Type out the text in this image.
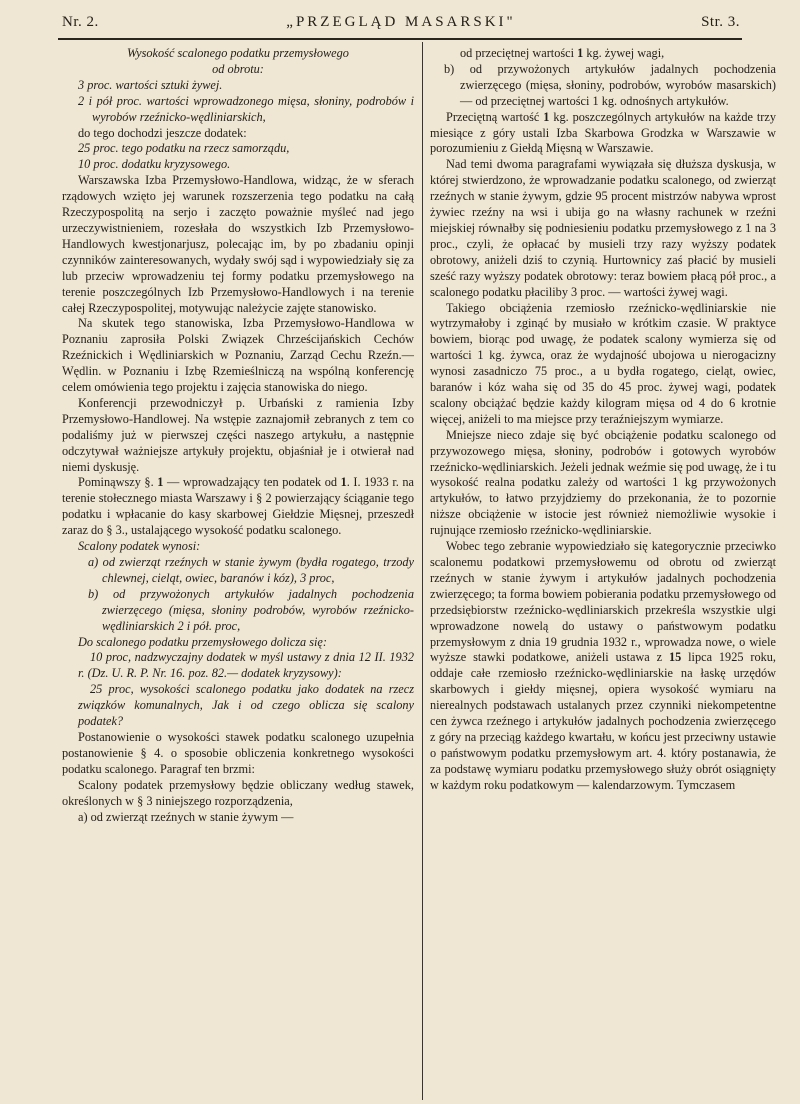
Nr. 2.	„PRZEGLĄD MASARSKI"	Str. 3.

Wysokość scalonego podatku przemysłowego

od obrotu:

3 proc. wartości sztuki żywej.

2 i pół proc. wartości wprowadzonego mięsa, słoniny, podrobów i wyrobów rzeźnicko-wędliniarskich,

do tego dochodzi jeszcze dodatek:

25 proc. tego podatku na rzecz samorządu,

10 proc. dodatku kryzysowego.

Warszawska Izba Przemysłowo-Handlowa, widząc, że w sferach rządowych wzięto jej warunek rozszerzenia tego podatku na całą Rzeczypospolitą na serjo i zaczęto poważnie myśleć nad jego urzeczywistnieniem, rozesłała do wszystkich Izb Przemysłowo-Handlowych kwestjonarjusz, polecając im, by po zbadaniu opinji czynników zainteresowanych, wydały swój sąd i wypowiedziały się za lub przeciw wprowadzeniu tej formy podatku przemysłowego na terenie poszczególnych Izb Przemysłowo-Handlowych i na terenie całej Rzeczypospolitej, motywując należycie zajęte stanowisko.

Na skutek tego stanowiska, Izba Przemysłowo-Handlowa w Poznaniu zaprosiła Polski Związek Chrześcijańskich Cechów Rzeźnickich i Wędliniarskich w Poznaniu, Zarząd Cechu Rzeźn.— Wędlin. w Poznaniu i Izbę Rzemieślniczą na wspólną konferencję celem omówienia tego projektu i zajęcia stanowiska do niego.

Konferencji przewodniczył p. Urbański z ramienia Izby Przemysłowo-Handlowej. Na wstępie zaznajomił zebranych z tem co podaliśmy już w pierwszej części naszego artykułu, a następnie odczytywał ważniejsze artykuły projektu, objaśniał je i otwierał nad niemi dyskusję.

Pominąwszy §. 1 — wprowadzający ten podatek od 1. I. 1933 r. na terenie stołecznego miasta Warszawy i § 2 powierzający ściąganie tego podatku i wpłacanie do kasy skarbowej Giełdzie Mięsnej, przeszedł zaraz do § 3., ustalającego wysokość podatku scalonego.

Scalony podatek wynosi:

a) od zwierząt rzeźnych w stanie żywym (bydła rogatego, trzody chlewnej, cieląt, owiec, baranów i kóz), 3 proc,

b) od przywożonych artykułów jadalnych pochodzenia zwierzęcego (mięsa, słoniny podrobów, wyrobów rzeźnicko-wędliniarskich 2 i pół. proc,

Do scalonego podatku przemysłowego dolicza się:

10 proc, nadzwyczajny dodatek w myśl ustawy z dnia 12 II. 1932 r. (Dz. U. R. P. Nr. 16. poz. 82.— dodatek kryzysowy):

25 proc, wysokości scalonego podatku jako dodatek na rzecz związków komunalnych, Jak i od czego oblicza się scalony podatek?

Postanowienie o wysokości stawek podatku scalonego uzupełnia postanowienie § 4. o sposobie obliczenia konkretnego wysokości podatku scalonego. Paragraf ten brzmi:

Scalony podatek przemysłowy będzie obliczany według stawek, określonych w § 3 niniejszego rozporządzenia,

a) od zwierząt rzeźnych w stanie żywym —

od przeciętnej wartości 1 kg. żywej wagi,

b) od przywożonych artykułów jadalnych pochodzenia zwierzęcego (mięsa, słoniny, podrobów, wyrobów masarskich) — od przeciętnej wartości 1 kg. odnośnych artykułów.

Przeciętną wartość 1 kg. poszczególnych artykułów na każde trzy miesiące z góry ustali Izba Skarbowa Grodzka w Warszawie w porozumieniu z Giełdą Mięsną w Warszawie.

Nad temi dwoma paragrafami wywiązała się dłuższa dyskusja, w której stwierdzono, że wprowadzanie podatku scalonego, od zwierząt rzeźnych w stanie żywym, gdzie 95 procent mistrzów nabywa wprost żywiec rzeźny na wsi i ubija go na własny rachunek w rzeźni miejskiej równałby się podniesieniu podatku przemysłowego z 1 na 3 proc., czyli, że opłacać by musieli trzy razy wyższy podatek obrotowy, aniżeli dziś to czynią. Hurtownicy zaś płacić by musieli sześć razy wyższy podatek obrotowy: teraz bowiem płacą pół proc., a scalonego podatku płaciliby 3 proc. — wartości żywej wagi.

Takiego obciążenia rzemiosło rzeźnicko-wędliniarskie nie wytrzymałoby i zginąć by musiało w krótkim czasie. W praktyce bowiem, biorąc pod uwagę, że podatek scalony wymierza się od wartości 1 kg. żywca, oraz że wydajność ubojowa u nierogacizny wynosi zasadniczo 75 proc., a u bydła rogatego, cieląt, owiec, baranów i kóz waha się od 35 do 45 proc. żywej wagi, podatek scalony obciążać będzie każdy kilogram mięsa od 4 do 6 krotnie więcej, aniżeli to ma miejsce przy teraźniejszym wymiarze.

Mniejsze nieco zdaje się być obciążenie podatku scalonego od przywozowego mięsa, słoniny, podrobów i gotowych wyrobów rzeźnicko-wędliniarskich. Jeżeli jednak weźmie się pod uwagę, że i tu wysokość realna podatku zależy od wartości 1 kg przywożonych artykułów, to łatwo przyjdziemy do przekonania, że to pozornie niższe obciążenie w istocie jest również niemożliwie wysokie i rujnujące rzemiosło rzeźnicko-wędliniarskie.

Wobec tego zebranie wypowiedziało się kategorycznie przeciwko scalonemu podatkowi przemysłowemu od obrotu od zwierząt rzeźnych w stanie żywym i artykułów jadalnych pochodzenia zwierzęcego; ta forma bowiem pobierania podatku przemysłowego od przedsiębiorstw rzeźnicko-wędliniarskich przekreśla wszystkie ulgi wprowadzone nowelą do ustawy o państwowym podatku przemysłowym z dnia 19 grudnia 1932 r., wprowadza nowe, o wiele wyższe stawki podatkowe, aniżeli ustawa z 15 lipca 1925 roku, oddaje całe rzemiosło rzeźnicko-wędliniarskie na łaskę urzędów skarbowych i giełdy mięsnej, opiera wysokość wymiaru na nierealnych podstawach ustalanych przez czynniki niekompetentne cen żywca rzeźnego i artykułów jadalnych pochodzenia zwierzęcego z góry na przeciąg każdego kwartału, w końcu jest przeciwny ustawie o państwowym podatku przemysłowym art. 4. który postanawia, że za podstawę wymiaru podatku przemysłowego służy obrót osiągnięty w każdym roku podatkowym — kalendarzowym. Tymczasem
